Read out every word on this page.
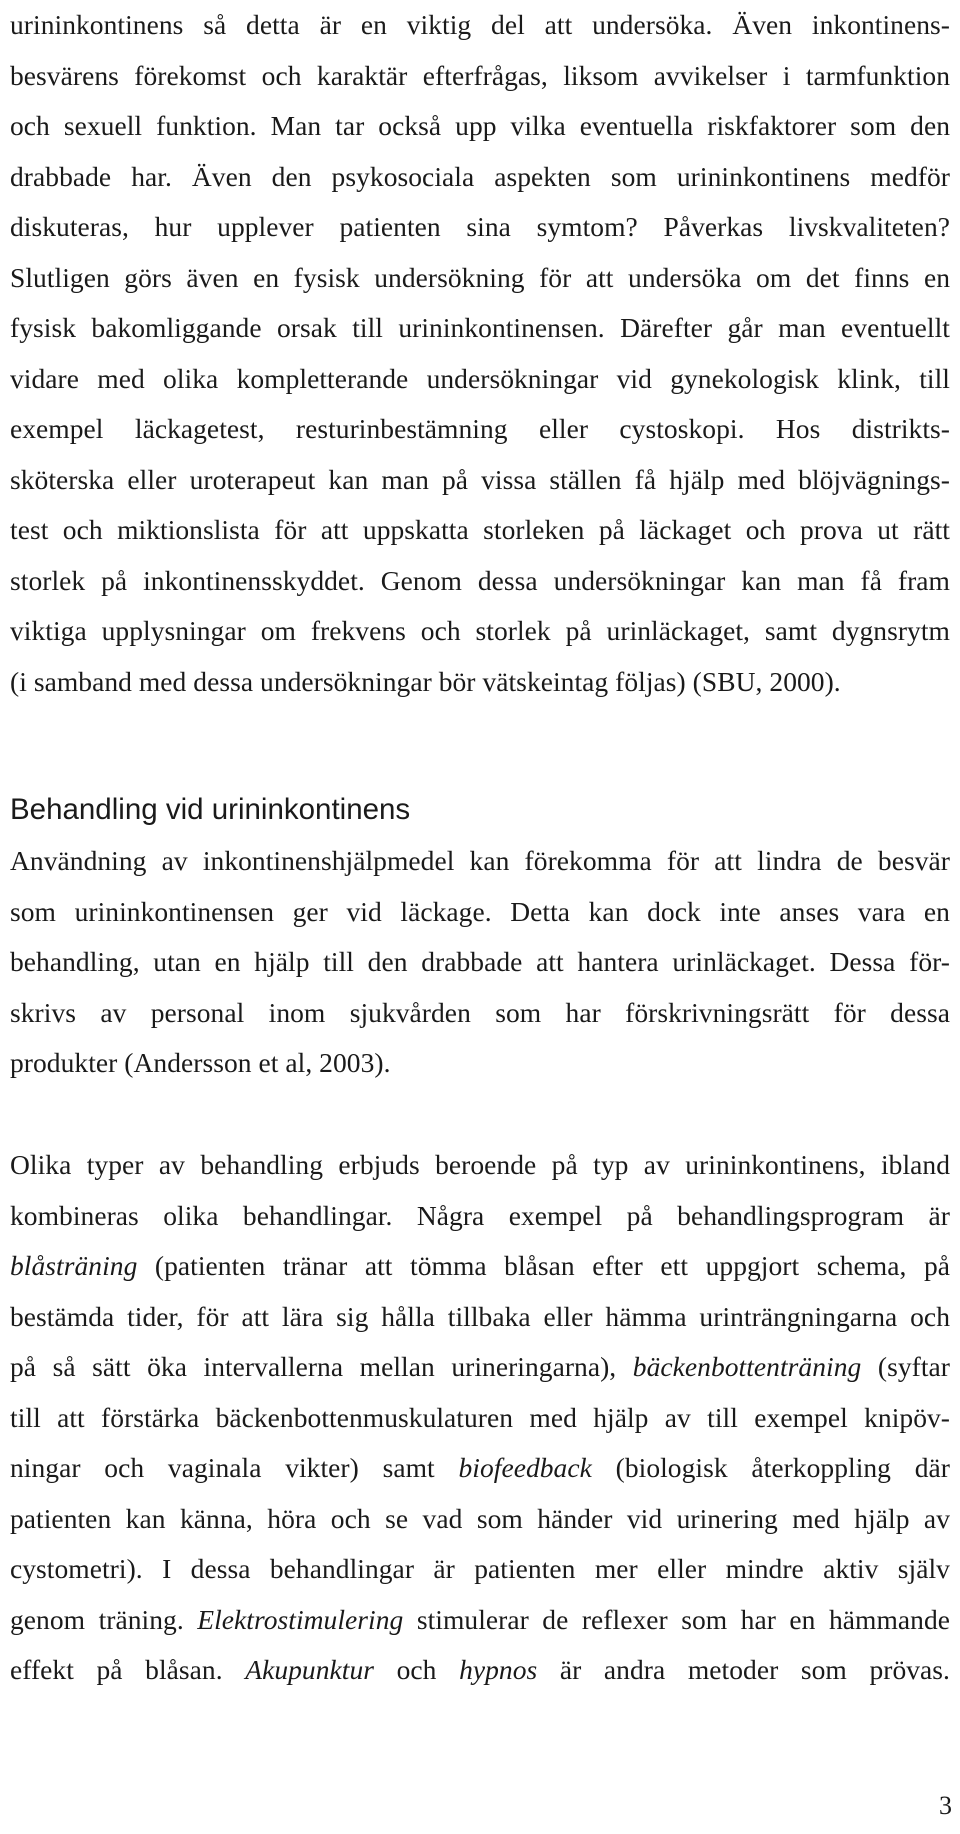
urininkontinens så detta är en viktig del att undersöka. Även inkontinens-
besvärens förekomst och karaktär efterfrågas, liksom avvikelser i tarmfunktion
och sexuell funktion. Man tar också upp vilka eventuella riskfaktorer som den
drabbade har. Även den psykosociala aspekten som urininkontinens medför
diskuteras, hur upplever patienten sina symtom? Påverkas livskvaliteten?
Slutligen görs även en fysisk undersökning för att undersöka om det finns en
fysisk bakomliggande orsak till urininkontinensen. Därefter går man eventuellt
vidare med olika kompletterande undersökningar vid gynekologisk klink, till
exempel läckagetest, resturinbestämning eller cystoskopi. Hos distrikts-
sköterska eller uroterapeut kan man på vissa ställen få hjälp med blöjvägnings-
test och miktionslista för att uppskatta storleken på läckaget och prova ut rätt
storlek på inkontinensskyddet. Genom dessa undersökningar kan man få fram
viktiga upplysningar om frekvens och storlek på urinläckaget, samt dygnsrytm
(i samband med dessa undersökningar bör vätskeintag följas) (SBU, 2000).
Behandling vid urininkontinens
Användning av inkontinenshjälpmedel kan förekomma för att lindra de besvär
som urininkontinensen ger vid läckage. Detta kan dock inte anses vara en
behandling, utan en hjälp till den drabbade att hantera urinläckaget. Dessa för-
skrivs av personal inom sjukvården som har förskrivningsrätt för dessa
produkter (Andersson et al, 2003).
Olika typer av behandling erbjuds beroende på typ av urininkontinens, ibland
kombineras olika behandlingar. Några exempel på behandlingsprogram är
blåsträning (patienten tränar att tömma blåsan efter ett uppgjort schema, på
bestämda tider, för att lära sig hålla tillbaka eller hämma urinträngningarna och
på så sätt öka intervallerna mellan urineringarna), bäckenbottenträning (syftar
till att förstärka bäckenbottenmuskulaturen med hjälp av till exempel knipöv-
ningar och vaginala vikter) samt biofeedback (biologisk återkoppling där
patienten kan känna, höra och se vad som händer vid urinering med hjälp av
cystometri). I dessa behandlingar är patienten mer eller mindre aktiv själv
genom träning. Elektrostimulering stimulerar de reflexer som har en hämmande
effekt på blåsan. Akupunktur och hypnos är andra metoder som prövas.
3
